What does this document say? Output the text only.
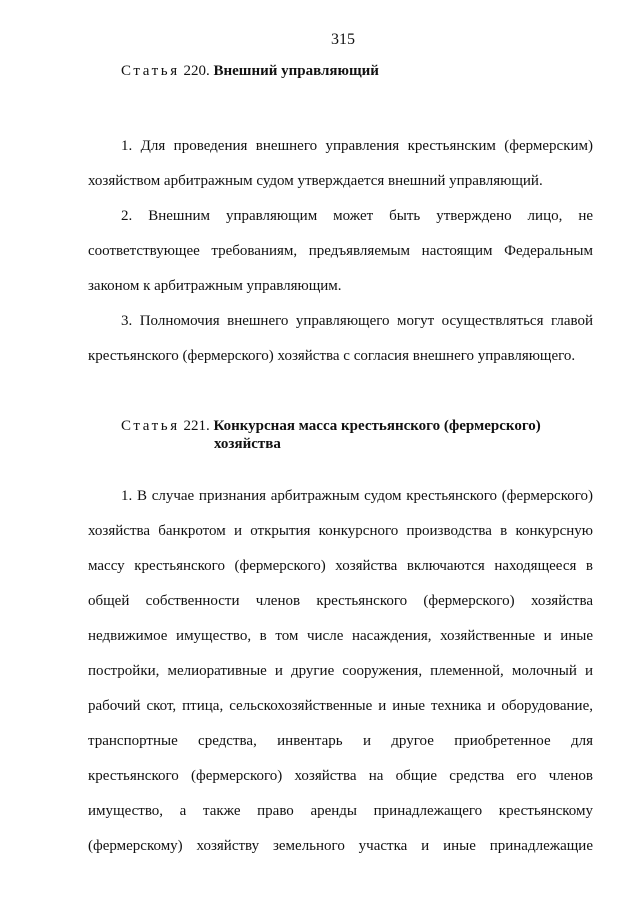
315
Статья 220. Внешний управляющий
1. Для проведения внешнего управления крестьянским (фермерским)
хозяйством арбитражным судом утверждается внешний управляющий.
2. Внешним управляющим может быть утверждено лицо, не
соответствующее требованиям, предъявляемым настоящим Федеральным
законом к арбитражным управляющим.
3. Полномочия внешнего управляющего могут осуществляться главой
крестьянского (фермерского) хозяйства с согласия внешнего управляющего.
Статья 221. Конкурсная масса крестьянского (фермерского)
хозяйства
1. В случае признания арбитражным судом крестьянского (фермерского)
хозяйства банкротом и открытия конкурсного производства в конкурсную
массу крестьянского (фермерского) хозяйства включаются находящееся в
общей собственности членов крестьянского (фермерского) хозяйства
недвижимое имущество, в том числе насаждения, хозяйственные и иные
постройки, мелиоративные и другие сооружения, племенной, молочный и
рабочий скот, птица, сельскохозяйственные и иные техника и оборудование,
транспортные средства, инвентарь и другое приобретенное для
крестьянского (фермерского) хозяйства на общие средства его членов
имущество, а также право аренды принадлежащего крестьянскому
(фермерскому) хозяйству земельного участка и иные принадлежащие
